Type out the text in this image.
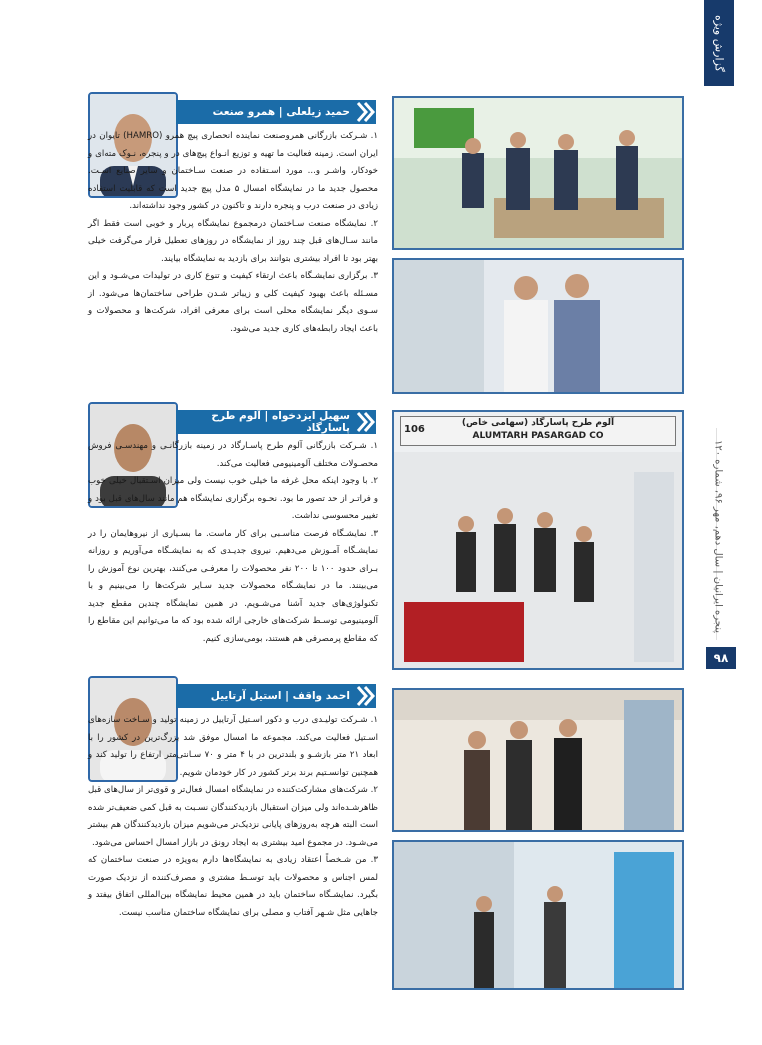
گزارش ویژه
پنجره ایرانیان | سال دهم، مهر ۹۶، شماره ۱۲۰
۹۸
حمید زیلعلی | همرو صنعت

۱. شـرکت بازرگانی همروصنعت نماینده انحصاری پیچ همرو (HAMRO) تایوان در ایران است. زمینه فعالیت ما تهیه و توزیع انـواع پیچ‌های در و پنجره، نـوک مته‌ای و خودکار، واشـر و... مورد اسـتفاده در صنعت سـاختمان و سایر صنایع اسـت. محصول جدید ما در نمایشگاه امسال ۵ مدل پیچ جدید است که قابلیت استفاده زیادی در صنعت درب و پنجره دارند و تاکنون در کشور وجود نداشته‌اند.

۲. نمایشگاه صنعت سـاختمان درمجموع نمایشگاه پربار و خوبی است فقط اگر مانند سـال‌های قبل چند روز از نمایشگاه در روزهای تعطیل قرار می‌گرفت خیلی بهتر بود تا افراد بیشتری بتوانند برای بازدید به نمایشگاه بیایند.

۳. برگزاری نمایشـگاه باعث ارتقاء کیفیت و تنوع کاری در تولیدات می‌شـود و این مسـئله باعث بهبود کیفیت کلی و زیباتر شـدن طراحی ساختمان‌ها می‌شود. از سـوی دیگر نمایشگاه محلی است برای معرفی افراد، شرکت‌ها و محصولات و باعث ایجاد رابطه‌های کاری جدید می‌شود.

سهیل ایزدخواه | آلوم طرح پاسارگاد

۱. شـرکت بازرگانی آلوم طرح پاسـارگاد در زمینه بازرگانـی و مهندسـی فروش محصـولات مختلف آلومینیومی فعالیت می‌کند.

۲. با وجود اینکه محل غرفه ما خیلی خوب نیست ولی میزان اسـتقبال خیلی خوب و فراتـر از حد تصور ما بود. نحـوه برگزاری نمایشگاه هم مانند سال‌های قبل بود و تغییر محسوسی نداشت.

۳. نمایشـگاه فرصت مناسـبی برای کار ماست. ما بسـیاری از نیروهایمان را در نمایشـگاه آمـوزش می‌دهیم. نیروی جدیـدی که به نمایشـگاه می‌آوریم و روزانه بـرای حدود ۱۰۰ تا ۲۰۰ نفر محصولات را معرفـی می‌کنند، بهترین نوع آموزش را می‌بینند. ما در نمایشـگاه محصولات جدید سـایر شرکت‌ها را می‌بینیم و با تکنولوژی‌های جدید آشنا می‌شـویم. در همین نمایشگاه چندین مقطع جدید آلومینیومی توسـط شرکت‌های خارجی ارائه شده بود که ما می‌توانیم این مقاطع را که مقاطع پرمصرفی هم هستند، بومی‌سازی کنیم.

آلوم طرح پاسارگاد (سهامی خاص)
ALUMTARH PASARGAD CO
106
احمد واقف | استیل آرتاییل

۱. شـرکت تولیـدی درب و دکور اسـتیل آرتاییل در زمینه تولید و سـاخت سازه‌های اسـتیل فعالیت می‌کند. مجموعه ما امسال موفق شد بزرگ‌ترین در کشور را با ابعاد ۲۱ متر بازشـو و بلندترین در با ۴ متر و ۷۰ سـانتی‌متر ارتفاع را تولید کند و همچنین توانسـتیم برند برتر کشور در کار خودمان شویم.

۲. شرکت‌های مشارکت‌کننده در نمایشگاه امسال فعال‌تر و قوی‌تر از سال‌های قبل ظاهرشـده‌اند ولی میزان استقبال بازدیدکنندگان نسـبت به قبل کمی ضعیف‌تر شده است البته هرچه به‌روزهای پایانی نزدیک‌تر می‌شویم میزان بازدیدکنندگان هم بیشتر می‌شـود. در مجموع امید بیشتری به ایجاد رونق در بازار امسال احساس می‌شود.

۳. من شـخصاً اعتقاد زیادی به نمایشگاه‌ها دارم به‌ویژه در صنعت ساختمان که لمس اجناس و محصولات باید توسـط مشتری و مصرف‌کننده از نزدیک صورت بگیرد. نمایشـگاه ساختمان باید در همین محیط نمایشگاه بین‌المللی اتفاق بیفتد و جاهایی مثل شـهر آفتاب و مصلی برای نمایشگاه ساختمان مناسب نیست.
